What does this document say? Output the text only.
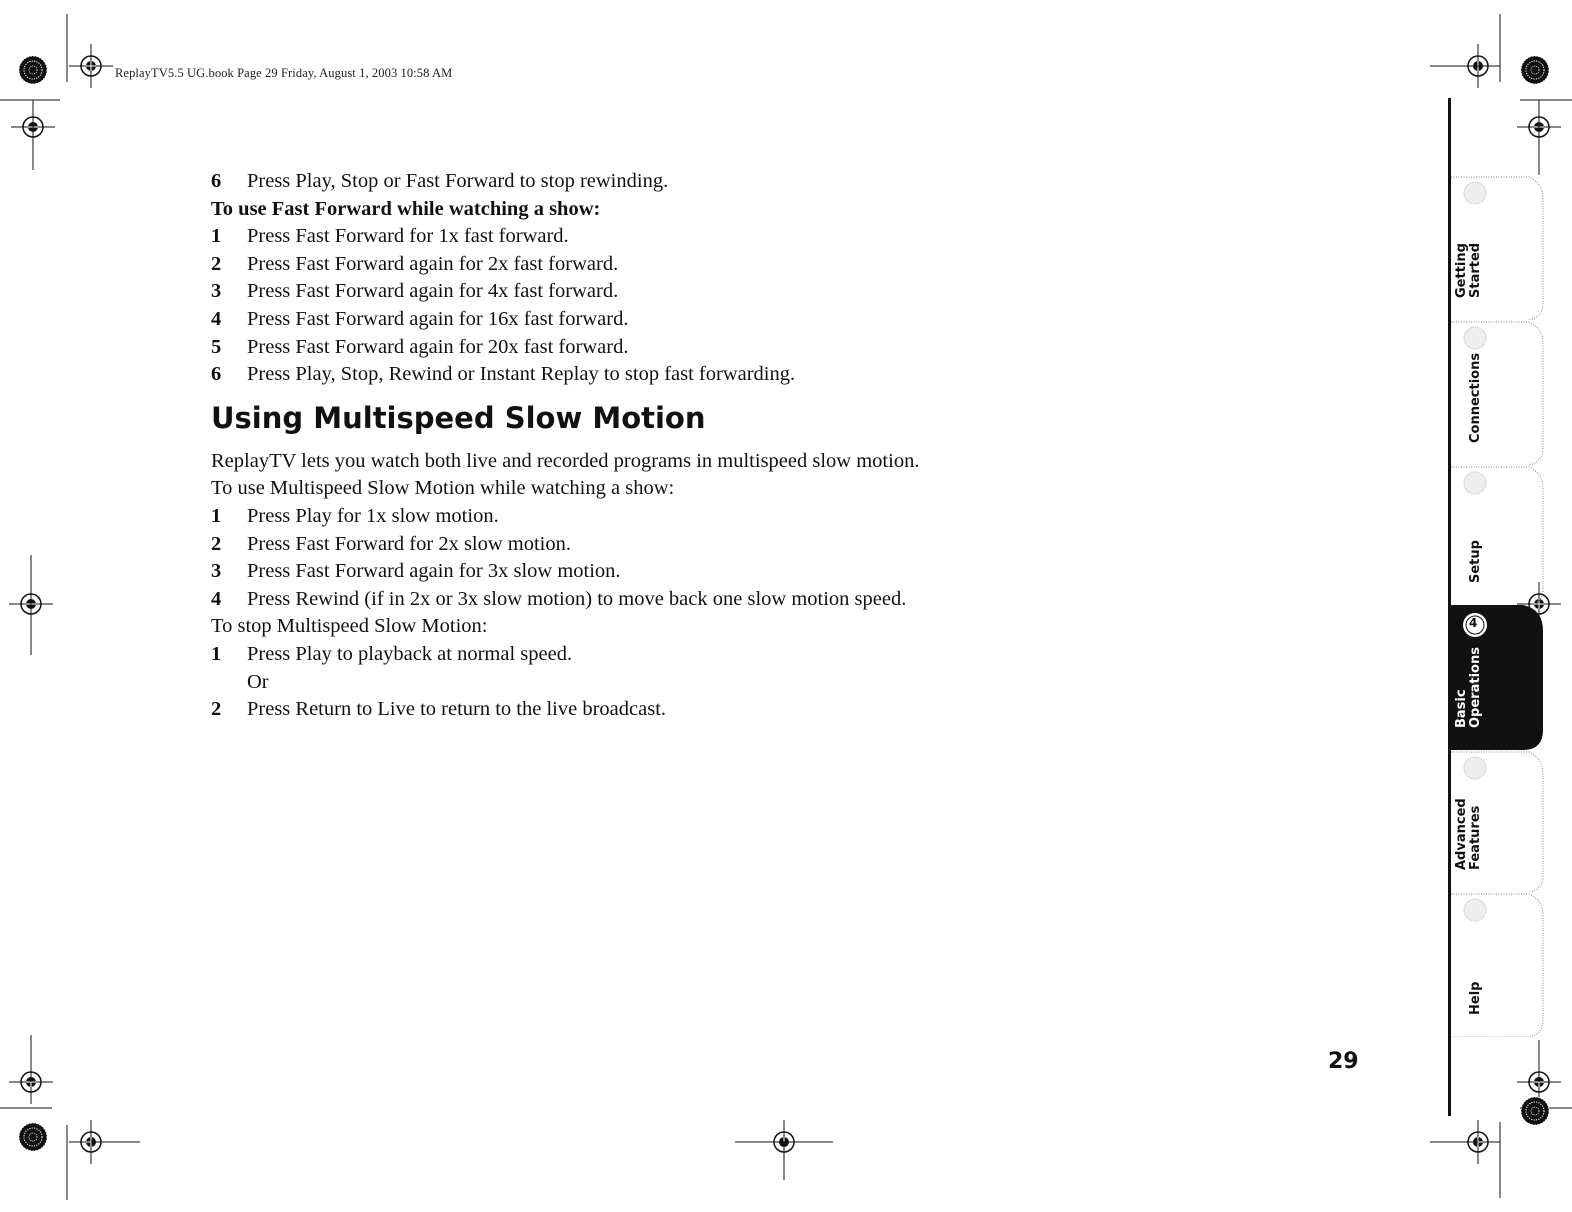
ReplayTV5.5 UG.book Page 29 Friday, August 1, 2003 10:58 AM
6 Press Play, Stop or Fast Forward to stop rewinding.
To use Fast Forward while watching a show:
1 Press Fast Forward for 1x fast forward.
2 Press Fast Forward again for 2x fast forward.
3 Press Fast Forward again for 4x fast forward.
4 Press Fast Forward again for 16x fast forward.
5 Press Fast Forward again for 20x fast forward.
6 Press Play, Stop, Rewind or Instant Replay to stop fast forwarding.
Using Multispeed Slow Motion
ReplayTV lets you watch both live and recorded programs in multispeed slow motion.
To use Multispeed Slow Motion while watching a show:
1 Press Play for 1x slow motion.
2 Press Fast Forward for 2x slow motion.
3 Press Fast Forward again for 3x slow motion.
4 Press Rewind (if in 2x or 3x slow motion) to move back one slow motion speed.
To stop Multispeed Slow Motion:
1 Press Play to playback at normal speed.
Or
2 Press Return to Live to return to the live broadcast.
29
Getting
Started
Connections
Setup
4
Basic
Operations
Advanced
Features
Help
